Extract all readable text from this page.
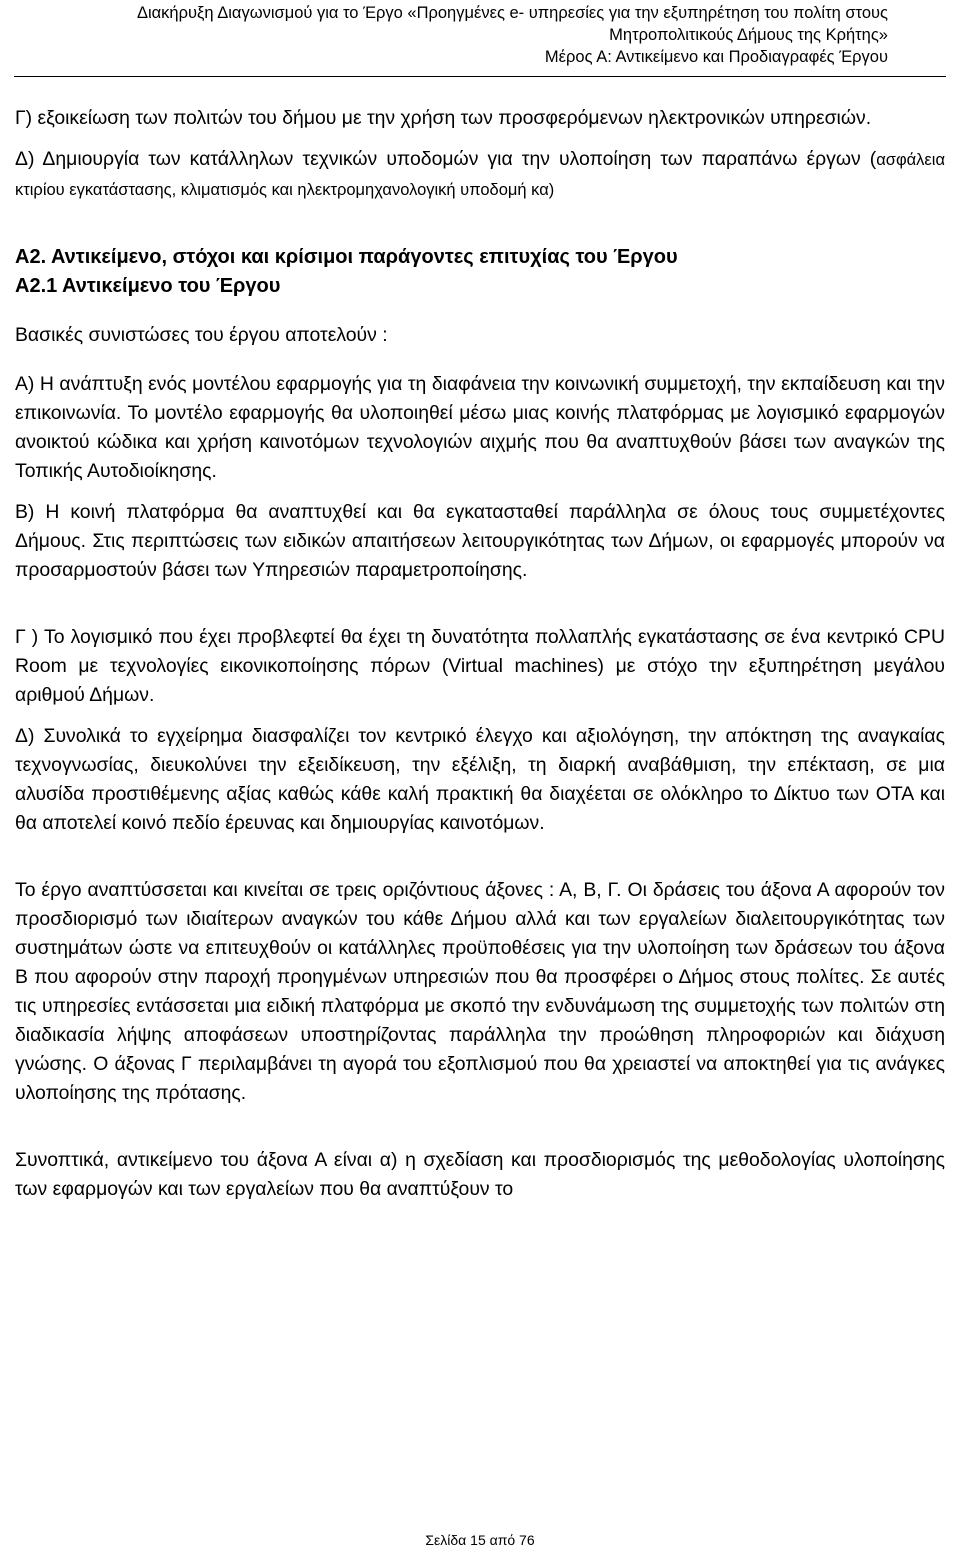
Διακήρυξη Διαγωνισμού για το Έργο «Προηγμένες e- υπηρεσίες για την εξυπηρέτηση του πολίτη στους
Μητροπολιτικούς Δήμους της Κρήτης»
Μέρος Α: Αντικείμενο και Προδιαγραφές Έργου

Γ) εξοικείωση των πολιτών του δήμου με την χρήση των προσφερόμενων ηλεκτρονικών υπηρεσιών.

Δ) Δημιουργία των κατάλληλων τεχνικών υποδομών για την υλοποίηση των παραπάνω έργων (ασφάλεια κτιρίου εγκατάστασης, κλιματισμός και ηλεκτρομηχανολογική υποδομή κα)

Α2. Αντικείμενο, στόχοι και κρίσιμοι παράγοντες επιτυχίας του Έργου
Α2.1 Αντικείμενο του Έργου

Βασικές συνιστώσες του έργου αποτελούν :

Α) Η ανάπτυξη ενός μοντέλου εφαρμογής για τη διαφάνεια την κοινωνική συμμετοχή, την εκπαίδευση και την επικοινωνία. Το μοντέλο εφαρμογής θα υλοποιηθεί μέσω μιας κοινής πλατφόρμας με λογισμικό εφαρμογών ανοικτού κώδικα και χρήση καινοτόμων τεχνολογιών αιχμής που θα αναπτυχθούν βάσει των αναγκών της Τοπικής Αυτοδιοίκησης.

Β) Η κοινή πλατφόρμα θα αναπτυχθεί και θα εγκατασταθεί παράλληλα σε όλους τους συμμετέχοντες Δήμους. Στις περιπτώσεις των ειδικών απαιτήσεων λειτουργικότητας των Δήμων, οι εφαρμογές μπορούν να προσαρμοστούν βάσει των Υπηρεσιών παραμετροποίησης.

Γ ) Το λογισμικό που έχει προβλεφτεί θα έχει τη δυνατότητα πολλαπλής εγκατάστασης σε ένα κεντρικό CPU Room με τεχνολογίες εικονικοποίησης πόρων (Virtual machines) με στόχο την εξυπηρέτηση μεγάλου αριθμού Δήμων.

Δ) Συνολικά το εγχείρημα διασφαλίζει τον κεντρικό έλεγχο και αξιολόγηση, την απόκτηση της αναγκαίας τεχνογνωσίας, διευκολύνει την εξειδίκευση, την εξέλιξη, τη διαρκή αναβάθμιση, την επέκταση, σε μια αλυσίδα προστιθέμενης αξίας καθώς κάθε καλή πρακτική θα διαχέεται σε ολόκληρο το Δίκτυο των ΟΤΑ και θα αποτελεί κοινό πεδίο έρευνας και δημιουργίας καινοτόμων.

Το έργο αναπτύσσεται και κινείται σε τρεις οριζόντιους άξονες : Α, Β, Γ. Οι δράσεις του άξονα Α αφορούν τον προσδιορισμό των ιδιαίτερων αναγκών του κάθε Δήμου αλλά και των εργαλείων διαλειτουργικότητας των συστημάτων ώστε να επιτευχθούν οι κατάλληλες προϋποθέσεις για την υλοποίηση των δράσεων του άξονα Β που αφορούν στην παροχή προηγμένων υπηρεσιών που θα προσφέρει ο Δήμος στους πολίτες. Σε αυτές τις υπηρεσίες εντάσσεται μια ειδική πλατφόρμα με σκοπό την ενδυνάμωση της συμμετοχής των πολιτών στη διαδικασία λήψης αποφάσεων υποστηρίζοντας παράλληλα την προώθηση πληροφοριών και διάχυση γνώσης. Ο άξονας Γ περιλαμβάνει τη αγορά του εξοπλισμού που θα χρειαστεί να αποκτηθεί για τις ανάγκες υλοποίησης της πρότασης.

Συνοπτικά, αντικείμενο του άξονα Α είναι α) η σχεδίαση και προσδιορισμός της μεθοδολογίας υλοποίησης των εφαρμογών και των εργαλείων που θα αναπτύξουν το

Σελίδα 15 από 76
